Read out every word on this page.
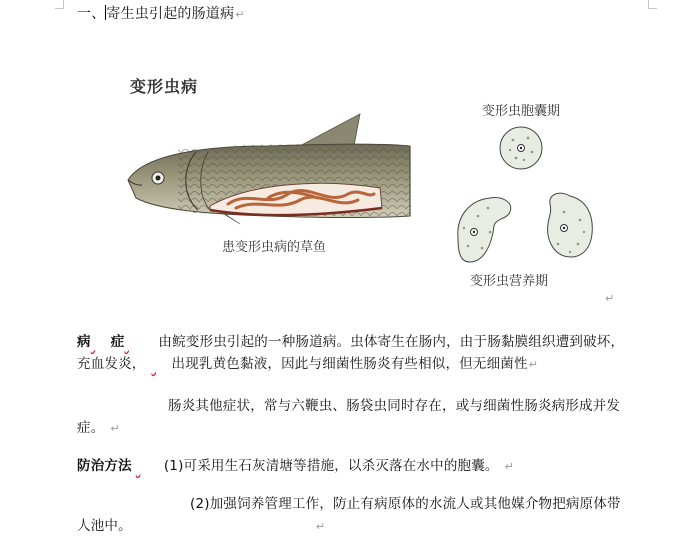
一、寄生虫引起的肠道病↵
变形虫病
变形虫胞囊期
患变形虫病的草鱼
变形虫营养期
↵
病 症	由鲩变形虫引起的一种肠道病。虫体寄生在肠内，由于肠黏膜组织遭到破坏，
充血发炎， 出现乳黄色黏液，因此与细菌性肠炎有些相似，但无细菌性↵
肠炎其他症状，常与六鞭虫、肠袋虫同时存在，或与细菌性肠炎病形成并发
症。 ↵
防治方法 (1)可采用生石灰清塘等措施，以杀灭落在水中的胞囊。 ↵
(2)加强饲养管理工作，防止有病原体的水流人或其他媒介物把病原体带
人池中。	↵
